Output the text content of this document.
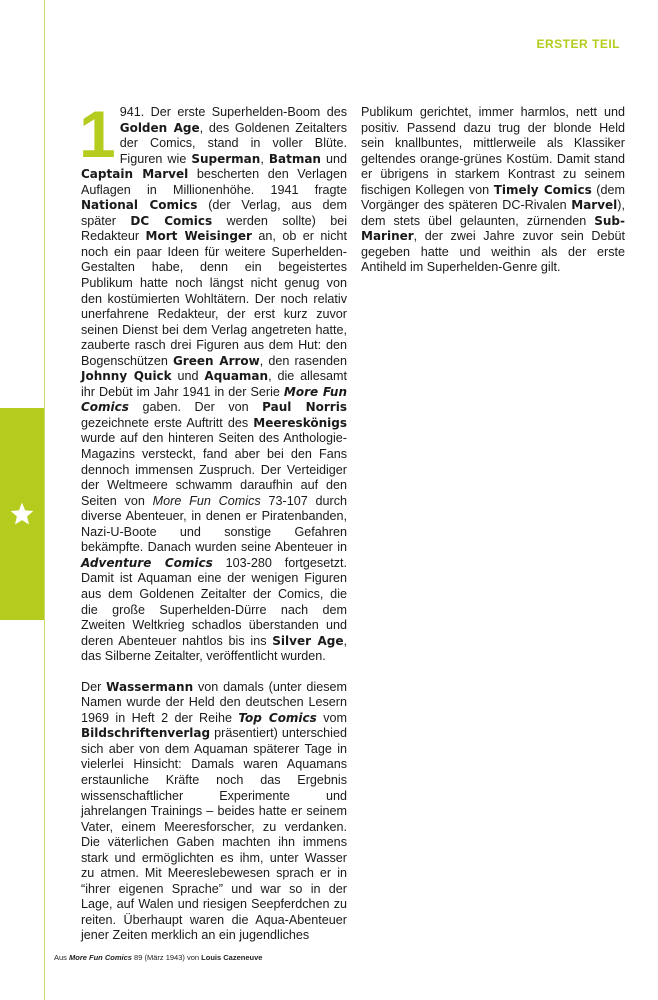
ERSTER TEIL

1 941. Der erste Superhelden-Boom des Golden Age, des Goldenen Zeitalters der Comics, stand in voller Blüte. Figuren wie Superman, Batman und Captain Marvel bescherten den Verlagen Auflagen in Millionenhöhe. 1941 fragte National Comics (der Verlag, aus dem später DC Comics werden sollte) bei Redakteur Mort Weisinger an, ob er nicht noch ein paar Ideen für weitere Superhelden-Gestalten habe, denn ein begeistertes Publikum hatte noch längst nicht genug von den kostümierten Wohltätern. Der noch relativ unerfahrene Redakteur, der erst kurz zuvor seinen Dienst bei dem Verlag angetreten hatte, zauberte rasch drei Figuren aus dem Hut: den Bogenschützen Green Arrow, den rasenden Johnny Quick und Aquaman, die allesamt ihr Debüt im Jahr 1941 in der Serie More Fun Comics gaben. Der von Paul Norris gezeichnete erste Auftritt des Meereskönigs wurde auf den hinteren Seiten des Anthologie-Magazins versteckt, fand aber bei den Fans dennoch immensen Zuspruch. Der Verteidiger der Weltmeere schwamm daraufhin auf den Seiten von More Fun Comics 73-107 durch diverse Abenteuer, in denen er Piratenbanden, Nazi-U-Boote und sonstige Gefahren bekämpfte. Danach wurden seine Abenteuer in Adventure Comics 103-280 fortgesetzt. Damit ist Aquaman eine der wenigen Figuren aus dem Goldenen Zeitalter der Comics, die die große Superhelden-Dürre nach dem Zweiten Weltkrieg schadlos überstanden und deren Abenteuer nahtlos bis ins Silver Age, das Silberne Zeitalter, veröffentlicht wurden.

Der Wassermann von damals (unter diesem Namen wurde der Held den deutschen Lesern 1969 in Heft 2 der Reihe Top Comics vom Bildschriftenverlag präsentiert) unterschied sich aber von dem Aquaman späterer Tage in vielerlei Hinsicht: Damals waren Aquamans erstaunliche Kräfte noch das Ergebnis wissenschaftlicher Experimente und jahrelangen Trainings – beides hatte er seinem Vater, einem Meeresforscher, zu verdanken. Die väterlichen Gaben machten ihn immens stark und ermöglichten es ihm, unter Wasser zu atmen. Mit Meereslebewesen sprach er in “ihrer eigenen Sprache” und war so in der Lage, auf Walen und riesigen Seepferdchen zu reiten. Überhaupt waren die Aqua-Abenteuer jener Zeiten merklich an ein jugendliches

Publikum gerichtet, immer harmlos, nett und positiv. Passend dazu trug der blonde Held sein knallbuntes, mittlerweile als Klassiker geltendes orange-grünes Kostüm. Damit stand er übrigens in starkem Kontrast zu seinem fischigen Kollegen von Timely Comics (dem Vorgänger des späteren DC-Rivalen Marvel), dem stets übel gelaunten, zürnenden Sub-Mariner, der zwei Jahre zuvor sein Debüt gegeben hatte und weithin als der erste Antiheld im Superhelden-Genre gilt.

Aus More Fun Comics 89 (März 1943) von Louis Cazeneuve
